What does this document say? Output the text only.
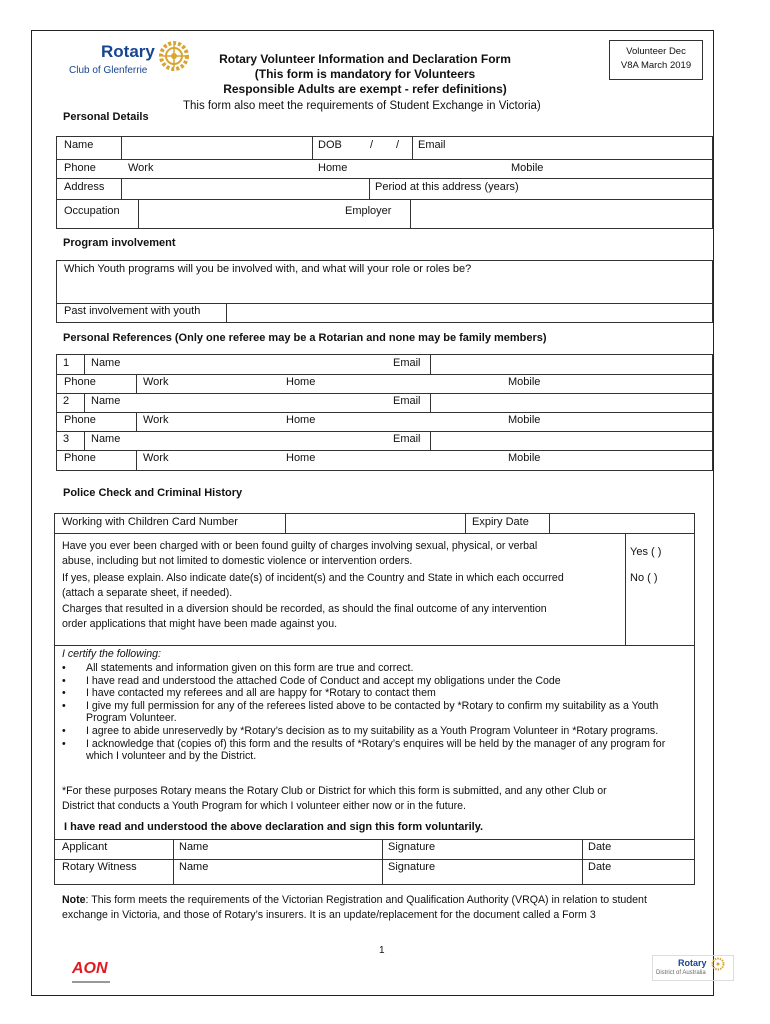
Rotary
Club of Glenferrie
Rotary Volunteer Information and Declaration Form
(This form is mandatory for Volunteers
Responsible Adults are exempt - refer definitions)
Volunteer Dec
V8A March 2019
This form also meet the requirements of Student Exchange in Victoria)
Personal Details
Name	DOB	/ / Email
Phone	Work	Home	Mobile
Address	Period at this address (years)
Occupation	Employer
Program involvement
Which Youth programs will you be involved with, and what will your role or roles be?
Past involvement with youth
Personal References (Only one referee may be a Rotarian and none may be family members)
1 Name	Email
Phone	Work	Home	Mobile
2 Name	Email
Phone	Work	Home	Mobile
3 Name	Email
Phone	Work	Home	Mobile
Police Check and Criminal History
Working with Children Card Number	Expiry Date
Have you ever been charged with or been found guilty of charges involving sexual, physical, or verbal
abuse, including but not limited to domestic violence or intervention orders.
If yes, please explain. Also indicate date(s) of incident(s) and the Country and State in which each occurred
(attach a separate sheet, if needed).
Charges that resulted in a diversion should be recorded, as should the final outcome of any intervention
order applications that might have been made against you.
Yes ( )
No ( )
I certify the following:
• All statements and information given on this form are true and correct.
• I have read and understood the attached Code of Conduct and accept my obligations under the Code
• I have contacted my referees and all are happy for *Rotary to contact them
• I give my full permission for any of the referees listed above to be contacted by *Rotary to confirm my suitability as a Youth Program Volunteer.
• I agree to abide unreservedly by *Rotary’s decision as to my suitability as a Youth Program Volunteer in *Rotary programs.
• I acknowledge that (copies of) this form and the results of *Rotary’s enquires will be held by the manager of any program for which I volunteer and by the District.
*For these purposes Rotary means the Rotary Club or District for which this form is submitted, and any other Club or
District that conducts a Youth Program for which I volunteer either now or in the future.
I have read and understood the above declaration and sign this form voluntarily.
Applicant	Name	Signature	Date
Rotary Witness	Name	Signature	Date
Note: This form meets the requirements of the Victorian Registration and Qualification Authority (VRQA) in relation to student
exchange in Victoria, and those of Rotary’s insurers. It is an update/replacement for the document called a Form 3
1
AON	Rotary
District of Australia
